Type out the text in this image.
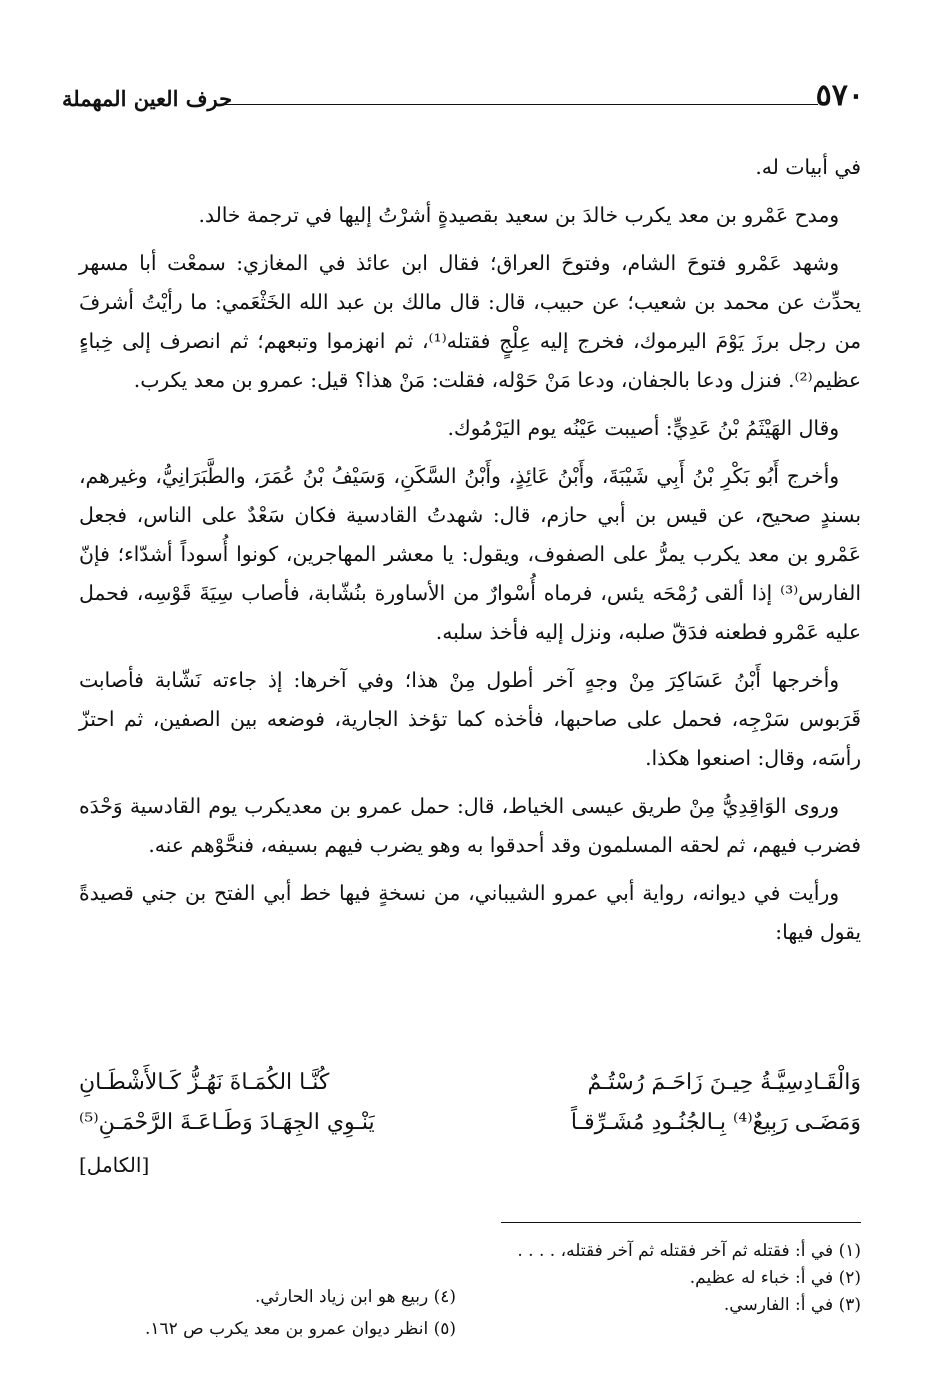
٥٧٠
حرف العين المهملة

في أبيات له.

ومدح عَمْرو بن معد يكرب خالدَ بن سعيد بقصيدةٍ أشرْتُ إليها في ترجمة خالد.

وشهد عَمْرو فتوحَ الشام، وفتوحَ العراق؛ فقال ابن عائذ في المغازي: سمعْت أبا مسهر يحدِّث عن محمد بن شعيب؛ عن حبيب، قال: قال مالك بن عبد الله الخَثْعَمي: ما رأيْتُ أشرفَ من رجل برزَ يَوْمَ اليرموك، فخرج إليه عِلْجٍ فقتله⁽¹⁾، ثم انهزموا وتبعهم؛ ثم انصرف إلى خِباءٍ عظيم⁽²⁾. فنزل ودعا بالجفان، ودعا مَنْ حَوْله، فقلت: مَنْ هذا؟ قيل: عمرو بن معد يكرب.

وقال الهَيْثَمُ بْنُ عَدِيٍّ: أصيبت عَيْنُه يوم اليَرْمُوك.

وأخرج أَبُو بَكْرِ بْنُ أَبِي شَيْبَةَ، وأَبْنُ عَائِذٍ، وأَبْنُ السَّكَنِ، وَسَيْفُ بْنُ عُمَرَ، والطَّبَرَانِيُّ، وغيرهم، بسندٍ صحيح، عن قيس بن أبي حازم، قال: شهدتُ القادسية فكان سَعْدٌ على الناس، فجعل عَمْرو بن معد يكرب يمرُّ على الصفوف، ويقول: يا معشر المهاجرين، كونوا أُسوداً أشدّاء؛ فإنّ الفارس⁽³⁾ إذا ألقى رُمْحَه يئس، فرماه أُسْوارٌ من الأساورة بنُشّابة، فأصاب سِيَةَ قَوْسِه، فحمل عليه عَمْرو فطعنه فدَقّ صلبه، ونزل إليه فأخذ سلبه.

وأخرجها أَبْنُ عَسَاكِرَ مِنْ وجهٍ آخر أطول مِنْ هذا؛ وفي آخرها: إذ جاءته نَشّابة فأصابت قَرَبوس سَرْجِه، فحمل على صاحبها، فأخذه كما تؤخذ الجارية، فوضعه بين الصفين، ثم احتزّ رأسَه، وقال: اصنعوا هكذا.

وروى الوَاقِدِيُّ مِنْ طريق عيسى الخياط، قال: حمل عمرو بن معديكرب يوم القادسية وَحْدَه فضرب فيهم، ثم لحقه المسلمون وقد أحدقوا به وهو يضرب فيهم بسيفه، فنحَّوْهم عنه.

ورأيت في ديوانه، رواية أبي عمرو الشيباني، من نسخةٍ فيها خط أبي الفتح بن جني قصيدةً يقول فيها:

وَالْقَـادِسِيَّـةُ حِيـنَ زَاحَـمَ رُسْتُـمٌ
كُنَّـا الكُمَـاةَ نَهُـزُّ كَـالأَشْطَـانِ
وَمَضَـى رَبِيعٌ⁽⁴⁾ بِـالجُنُـودِ مُشَـرِّقـاً
يَنْـوِي الجِهَـادَ وَطَـاعَـةَ الرَّحْمَـنِ⁽⁵⁾
[الكامل]
(١) في أ: فقتله ثم آخر فقتله ثم آخر فقتله، . . . .
(٢) في أ: خباء له عظيم.
(٣) في أ: الفارسي.
(٤) ربيع هو ابن زياد الحارثي.
(٥) انظر ديوان عمرو بن معد يكرب ص ١٦٢.
